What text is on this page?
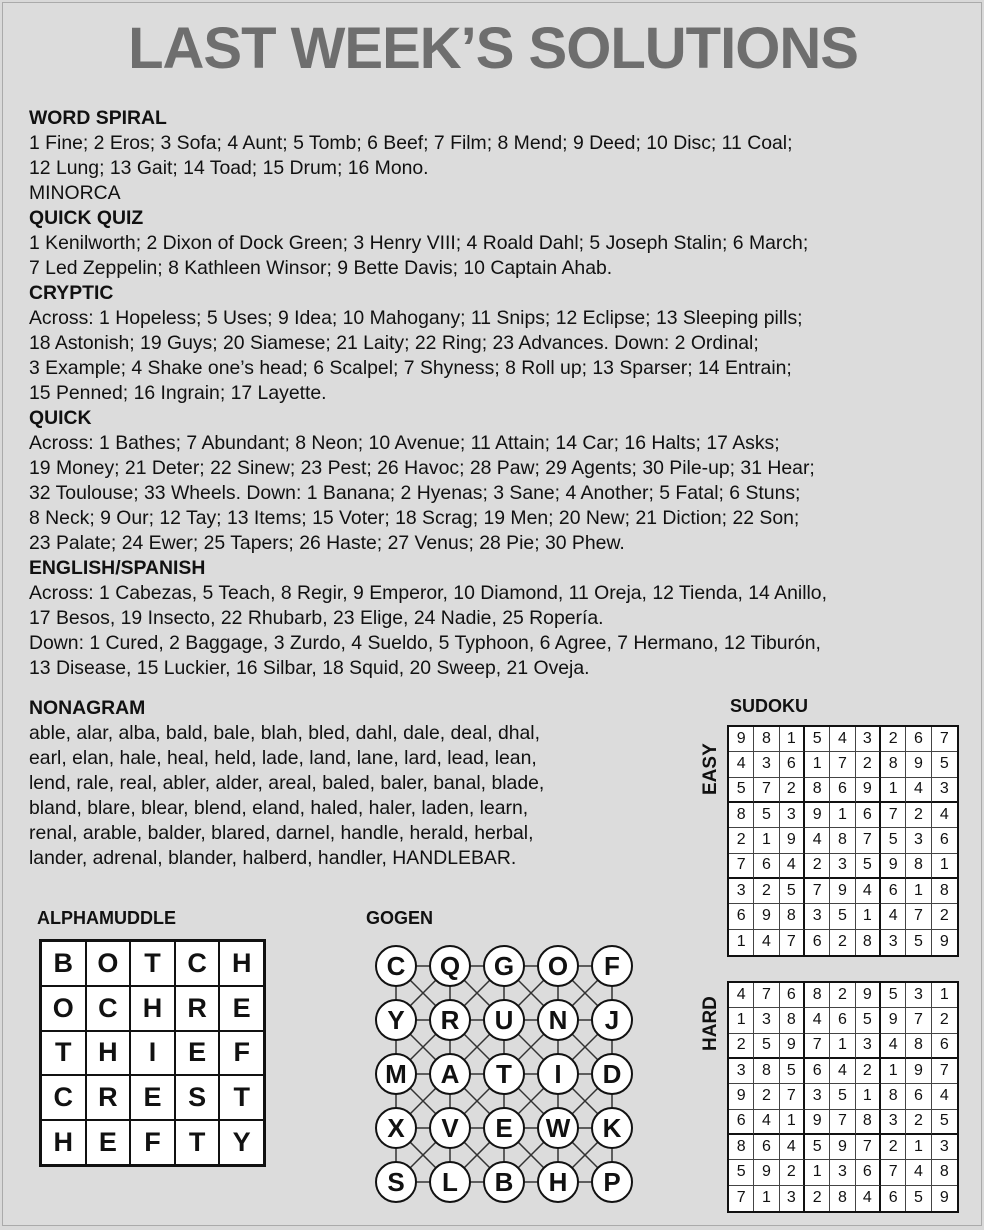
LAST WEEK’S SOLUTIONS
WORD SPIRAL
1 Fine; 2 Eros; 3 Sofa; 4 Aunt; 5 Tomb; 6 Beef; 7 Film; 8 Mend; 9 Deed; 10 Disc; 11 Coal;
12 Lung; 13 Gait; 14 Toad; 15 Drum; 16 Mono.
MINORCA
QUICK QUIZ
1 Kenilworth; 2 Dixon of Dock Green; 3 Henry VIII; 4 Roald Dahl; 5 Joseph Stalin; 6 March;
7 Led Zeppelin; 8 Kathleen Winsor; 9 Bette Davis; 10 Captain Ahab.
CRYPTIC
Across: 1 Hopeless; 5 Uses; 9 Idea; 10 Mahogany; 11 Snips; 12 Eclipse; 13 Sleeping pills;
18 Astonish; 19 Guys; 20 Siamese; 21 Laity; 22 Ring; 23 Advances. Down: 2 Ordinal;
3 Example; 4 Shake one’s head; 6 Scalpel; 7 Shyness; 8 Roll up; 13 Sparser; 14 Entrain;
15 Penned; 16 Ingrain; 17 Layette.
QUICK
Across: 1 Bathes; 7 Abundant; 8 Neon; 10 Avenue; 11 Attain; 14 Car; 16 Halts; 17 Asks;
19 Money; 21 Deter; 22 Sinew; 23 Pest; 26 Havoc; 28 Paw; 29 Agents; 30 Pile-up; 31 Hear;
32 Toulouse; 33 Wheels. Down: 1 Banana; 2 Hyenas; 3 Sane; 4 Another; 5 Fatal; 6 Stuns;
8 Neck; 9 Our; 12 Tay; 13 Items; 15 Voter; 18 Scrag; 19 Men; 20 New; 21 Diction; 22 Son;
23 Palate; 24 Ewer; 25 Tapers; 26 Haste; 27 Venus; 28 Pie; 30 Phew.
ENGLISH/SPANISH
Across: 1 Cabezas, 5 Teach, 8 Regir, 9 Emperor, 10 Diamond, 11 Oreja, 12 Tienda, 14 Anillo,
17 Besos, 19 Insecto, 22 Rhubarb, 23 Elige, 24 Nadie, 25 Ropería.
Down: 1 Cured, 2 Baggage, 3 Zurdo, 4 Sueldo, 5 Typhoon, 6 Agree, 7 Hermano, 12 Tiburón,
13 Disease, 15 Luckier, 16 Silbar, 18 Squid, 20 Sweep, 21 Oveja.
NONAGRAM
able, alar, alba, bald, bale, blah, bled, dahl, dale, deal, dhal,
earl, elan, hale, heal, held, lade, land, lane, lard, lead, lean,
lend, rale, real, abler, alder, areal, baled, baler, banal, blade,
bland, blare, blear, blend, eland, haled, haler, laden, learn,
renal, arable, balder, blared, darnel, handle, herald, herbal,
lander, adrenal, blander, halberd, handler, HANDLEBAR.
ALPHAMUDDLE
B O T C H
O C H R E
T H	I	E	F
C R E S	T
H E	F	T	Y
GOGEN
C	Q	G	O	F
Y	R	U	N	J
M	A	T	I	D
X	V	E	W	K
S	L	B	H	P
SUDOKU
EASY
9	8 1	5	4 3	2	6	7
4	3 6	1	7 2	8	9	5
5	7 2	8	6 9	1	4	3
8	5 3	9	1 6	7	2	4
2	1 9	4	8 7	5	3	6
7	6 4	2	3 5	9	8	1
3	2 5	7	9 4	6	1	8
6	9 8	3	5 1	4	7	2
1	4 7	6	2 8	3	5	9
HARD
4	7 6	8	2 9	5	3	1
1	3 8	4	6 5	9	7	2
2	5 9	7	1 3	4	8	6
3	8 5	6	4 2	1	9	7
9	2 7	3	5 1	8	6	4
6	4 1	9	7 8	3	2	5
8	6 4	5	9 7	2	1	3
5	9 2	1	3 6	7	4	8
7	1 3	2	8 4	6	5	9
